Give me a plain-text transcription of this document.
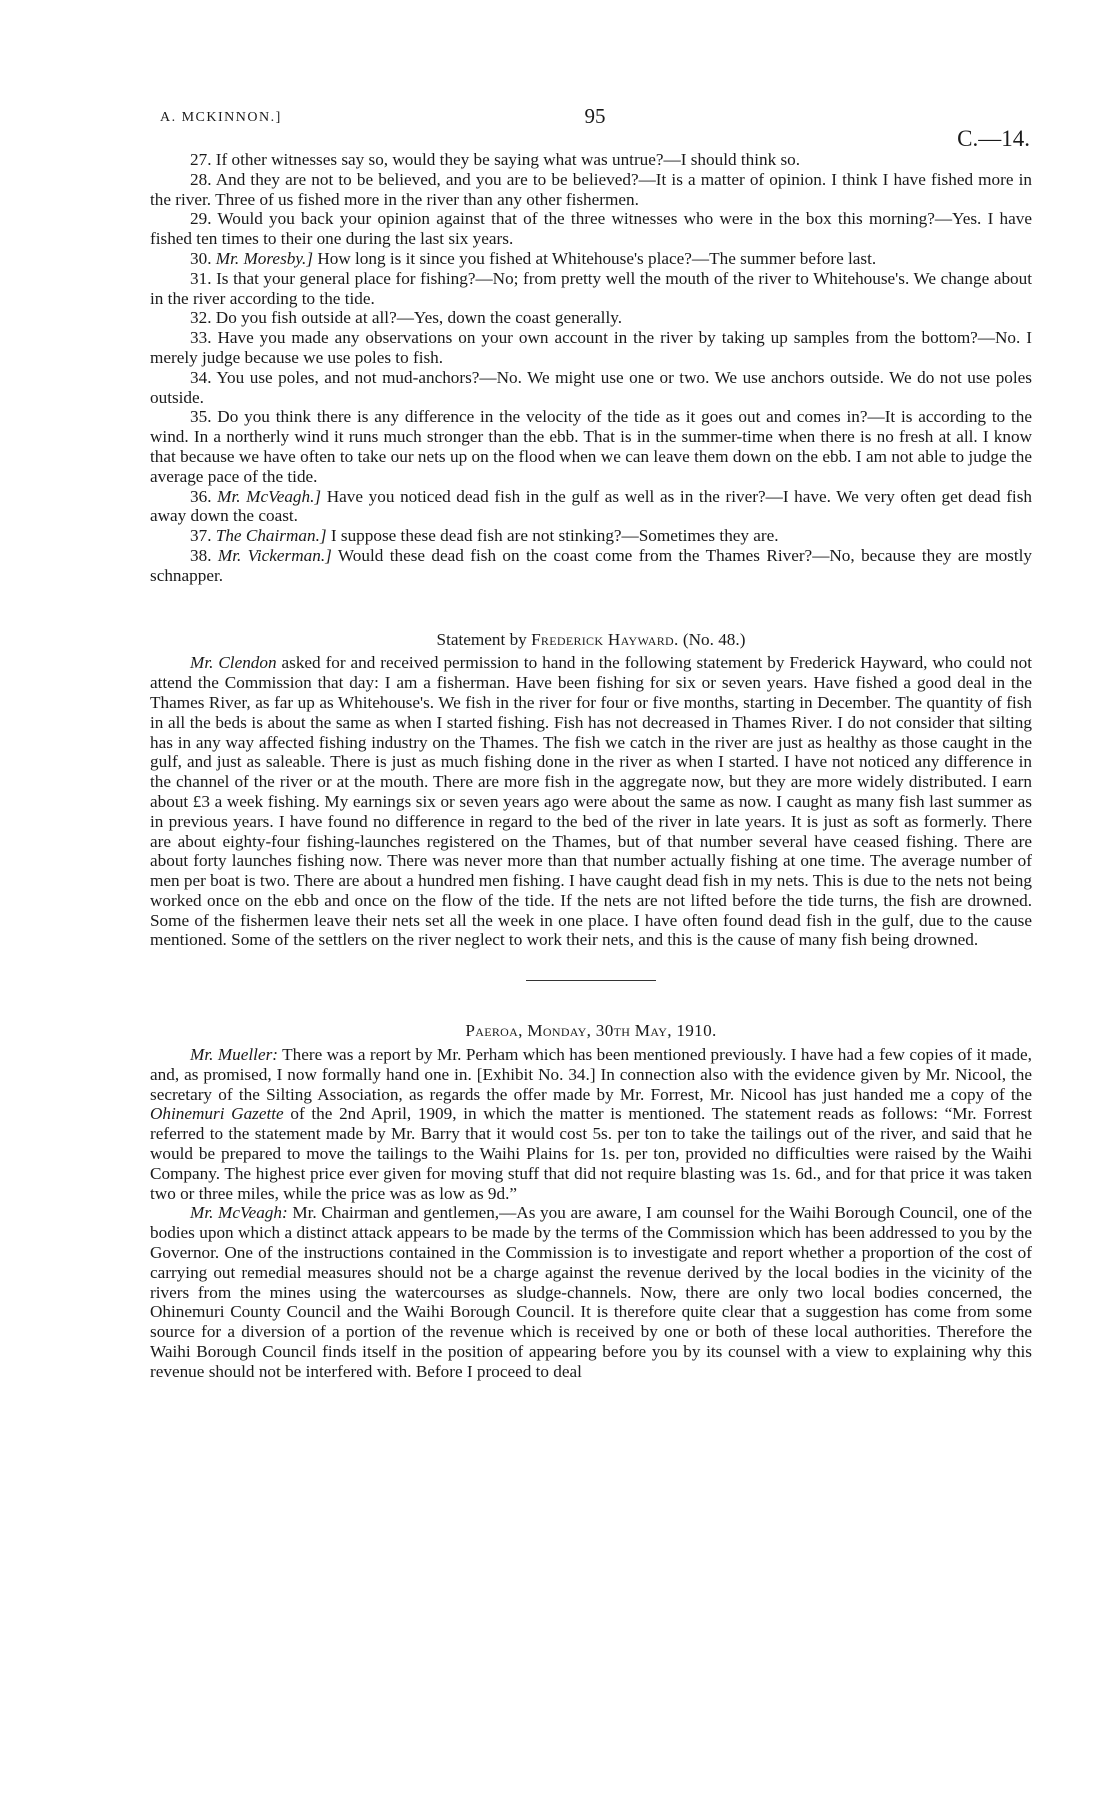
A. MCKINNON.]	95
C.—14.

27. If other witnesses say so, would they be saying what was untrue?—I should think so.

28. And they are not to be believed, and you are to be believed?—It is a matter of opinion. I think I have fished more in the river. Three of us fished more in the river than any other fishermen.

29. Would you back your opinion against that of the three witnesses who were in the box this morning?—Yes. I have fished ten times to their one during the last six years.

30. Mr. Moresby.] How long is it since you fished at Whitehouse's place?—The summer before last.

31. Is that your general place for fishing?—No; from pretty well the mouth of the river to Whitehouse's. We change about in the river according to the tide.

32. Do you fish outside at all?—Yes, down the coast generally.

33. Have you made any observations on your own account in the river by taking up samples from the bottom?—No. I merely judge because we use poles to fish.

34. You use poles, and not mud-anchors?—No. We might use one or two. We use anchors outside. We do not use poles outside.

35. Do you think there is any difference in the velocity of the tide as it goes out and comes in?—It is according to the wind. In a northerly wind it runs much stronger than the ebb. That is in the summer-time when there is no fresh at all. I know that because we have often to take our nets up on the flood when we can leave them down on the ebb. I am not able to judge the average pace of the tide.

36. Mr. McVeagh.] Have you noticed dead fish in the gulf as well as in the river?—I have. We very often get dead fish away down the coast.

37. The Chairman.] I suppose these dead fish are not stinking?—Sometimes they are.

38. Mr. Vickerman.] Would these dead fish on the coast come from the Thames River?—No, because they are mostly schnapper.

Statement by Frederick Hayward. (No. 48.)

Mr. Clendon asked for and received permission to hand in the following statement by Frederick Hayward, who could not attend the Commission that day: I am a fisherman. Have been fishing for six or seven years. Have fished a good deal in the Thames River, as far up as Whitehouse's. We fish in the river for four or five months, starting in December. The quantity of fish in all the beds is about the same as when I started fishing. Fish has not decreased in Thames River. I do not consider that silting has in any way affected fishing industry on the Thames. The fish we catch in the river are just as healthy as those caught in the gulf, and just as saleable. There is just as much fishing done in the river as when I started. I have not noticed any difference in the channel of the river or at the mouth. There are more fish in the aggregate now, but they are more widely distributed. I earn about £3 a week fishing. My earnings six or seven years ago were about the same as now. I caught as many fish last summer as in previous years. I have found no difference in regard to the bed of the river in late years. It is just as soft as formerly. There are about eighty-four fishing-launches registered on the Thames, but of that number several have ceased fishing. There are about forty launches fishing now. There was never more than that number actually fishing at one time. The average number of men per boat is two. There are about a hundred men fishing. I have caught dead fish in my nets. This is due to the nets not being worked once on the ebb and once on the flow of the tide. If the nets are not lifted before the tide turns, the fish are drowned. Some of the fishermen leave their nets set all the week in one place. I have often found dead fish in the gulf, due to the cause mentioned. Some of the settlers on the river neglect to work their nets, and this is the cause of many fish being drowned.

Paeroa, Monday, 30th May, 1910.

Mr. Mueller: There was a report by Mr. Perham which has been mentioned previously. I have had a few copies of it made, and, as promised, I now formally hand one in. [Exhibit No. 34.] In connection also with the evidence given by Mr. Nicool, the secretary of the Silting Association, as regards the offer made by Mr. Forrest, Mr. Nicool has just handed me a copy of the Ohinemuri Gazette of the 2nd April, 1909, in which the matter is mentioned. The statement reads as follows: “Mr. Forrest referred to the statement made by Mr. Barry that it would cost 5s. per ton to take the tailings out of the river, and said that he would be prepared to move the tailings to the Waihi Plains for 1s. per ton, provided no difficulties were raised by the Waihi Company. The highest price ever given for moving stuff that did not require blasting was 1s. 6d., and for that price it was taken two or three miles, while the price was as low as 9d.”

Mr. McVeagh: Mr. Chairman and gentlemen,—As you are aware, I am counsel for the Waihi Borough Council, one of the bodies upon which a distinct attack appears to be made by the terms of the Commission which has been addressed to you by the Governor. One of the instructions contained in the Commission is to investigate and report whether a proportion of the cost of carrying out remedial measures should not be a charge against the revenue derived by the local bodies in the vicinity of the rivers from the mines using the watercourses as sludge-channels. Now, there are only two local bodies concerned, the Ohinemuri County Council and the Waihi Borough Council. It is therefore quite clear that a suggestion has come from some source for a diversion of a portion of the revenue which is received by one or both of these local authorities. Therefore the Waihi Borough Council finds itself in the position of appearing before you by its counsel with a view to explaining why this revenue should not be interfered with. Before I proceed to deal
